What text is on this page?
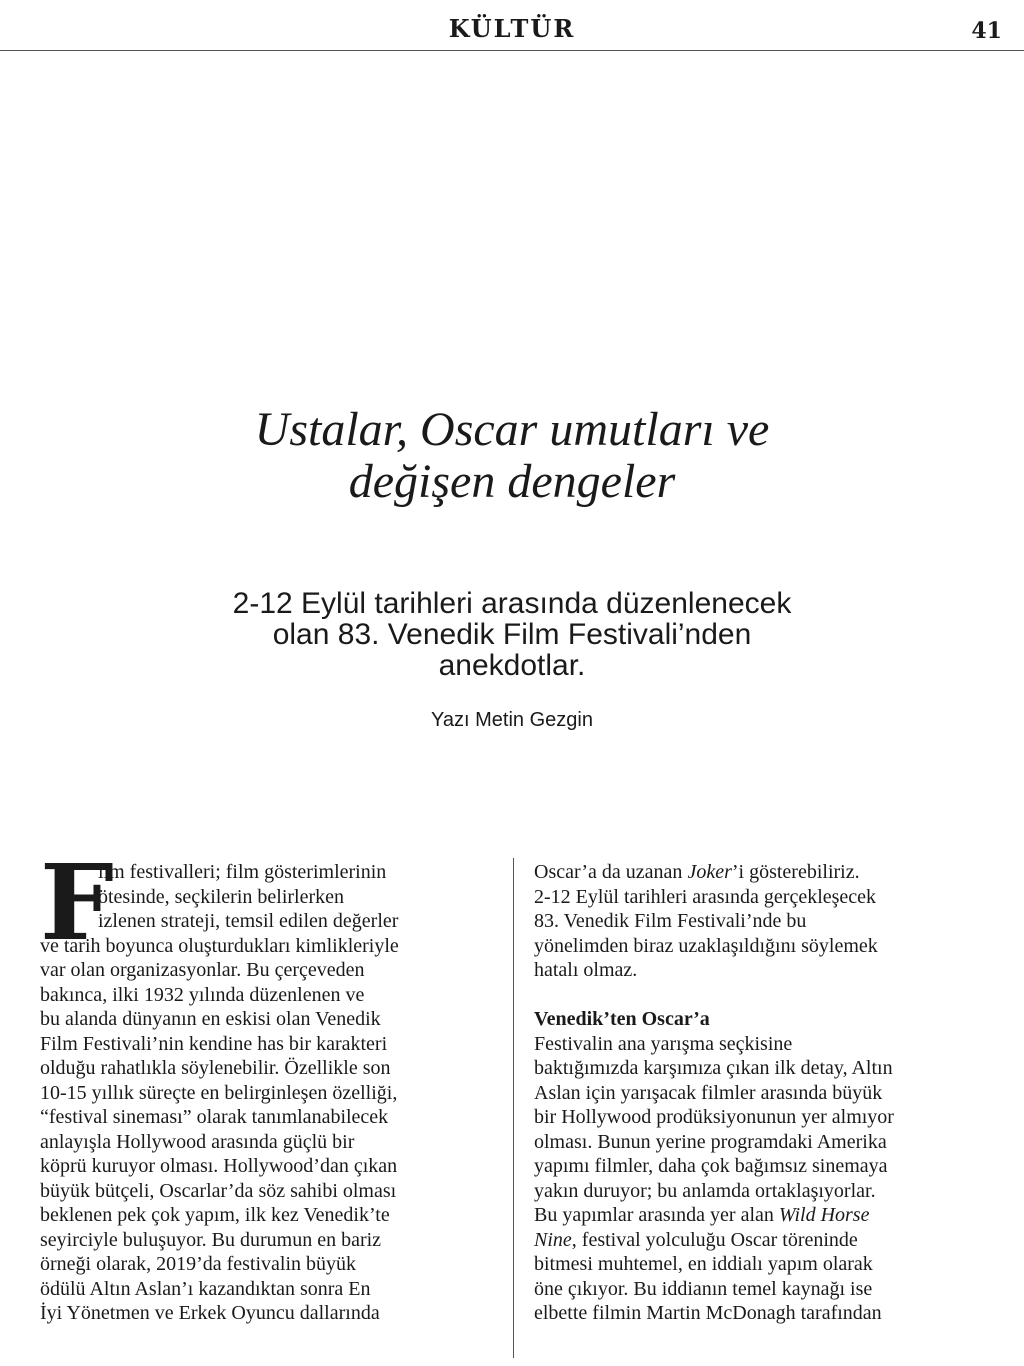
KÜLTÜR	41
Ustalar, Oscar umutları ve
değişen dengeler
2-12 Eylül tarihleri arasında düzenlenecek
olan 83. Venedik Film Festivali’nden
anekdotlar.
Yazı Metin Gezgin
F
ilm festivalleri; film gösterimlerinin
ötesinde, seçkilerin belirlerken
izlenen strateji, temsil edilen değerler
ve tarih boyunca oluşturdukları kimlikleriyle
var olan organizasyonlar. Bu çerçeveden
bakınca, ilki 1932 yılında düzenlenen ve
bu alanda dünyanın en eskisi olan Venedik
Film Festivali’nin kendine has bir karakteri
olduğu rahatlıkla söylenebilir. Özellikle son
10-15 yıllık süreçte en belirginleşen özelliği,
“festival sineması” olarak tanımlanabilecek
anlayışla Hollywood arasında güçlü bir
köprü kuruyor olması. Hollywood’dan çıkan
büyük bütçeli, Oscarlar’da söz sahibi olması
beklenen pek çok yapım, ilk kez Venedik’te
seyirciyle buluşuyor. Bu durumun en bariz
örneği olarak, 2019’da festivalin büyük
ödülü Altın Aslan’ı kazandıktan sonra En
İyi Yönetmen ve Erkek Oyuncu dallarında
Oscar’a da uzanan Joker’i gösterebiliriz.
2-12 Eylül tarihleri arasında gerçekleşecek
83. Venedik Film Festivali’nde bu
yönelimden biraz uzaklaşıldığını söylemek
hatalı olmaz.
Venedik’ten Oscar’a
Festivalin ana yarışma seçkisine
baktığımızda karşımıza çıkan ilk detay, Altın
Aslan için yarışacak filmler arasında büyük
bir Hollywood prodüksiyonunun yer almıyor
olması. Bunun yerine programdaki Amerika
yapımı filmler, daha çok bağımsız sinemaya
yakın duruyor; bu anlamda ortaklaşıyorlar.
Bu yapımlar arasında yer alan Wild Horse
Nine, festival yolculuğu Oscar töreninde
bitmesi muhtemel, en iddialı yapım olarak
öne çıkıyor. Bu iddianın temel kaynağı ise
elbette filmin Martin McDonagh tarafından
